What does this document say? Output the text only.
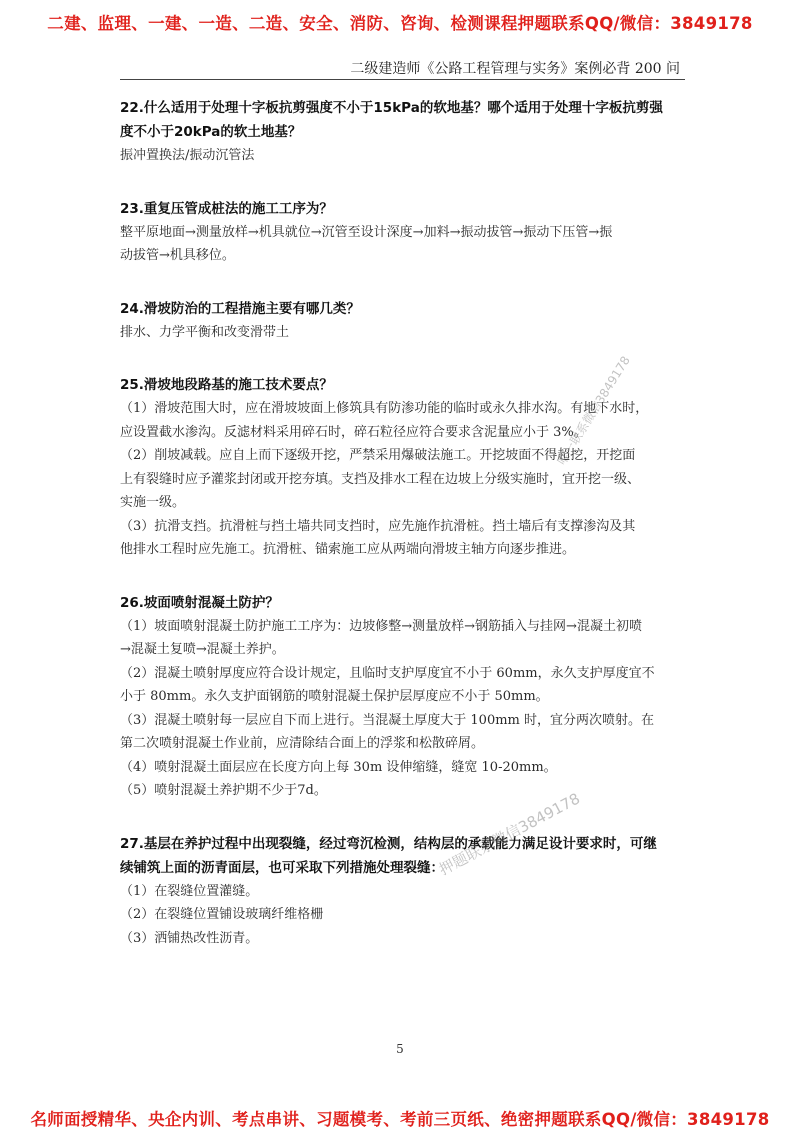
二建、监理、一建、一造、二造、安全、消防、咨询、检测课程押题联系QQ/微信：3849178
二级建造师《公路工程管理与实务》案例必背 200 问
22.什么适用于处理十字板抗剪强度不小于15kPa的软地基？哪个适用于处理十字板抗剪强
度不小于20kPa的软土地基？
振冲置换法/振动沉管法
23.重复压管成桩法的施工工序为？
整平原地面→测量放样→机具就位→沉管至设计深度→加料→振动拔管→振动下压管→振
动拔管→机具移位。
24.滑坡防治的工程措施主要有哪几类？
排水、力学平衡和改变滑带土
25.滑坡地段路基的施工技术要点？
（1）滑坡范围大时，应在滑坡坡面上修筑具有防渗功能的临时或永久排水沟。有地下水时，
应设置截水渗沟。反滤材料采用碎石时，碎石粒径应符合要求含泥量应小于 3%。
（2）削坡减载。应自上而下逐级开挖，严禁采用爆破法施工。开挖坡面不得超挖，开挖面
上有裂缝时应予灌浆封闭或开挖夯填。支挡及排水工程在边坡上分级实施时，宜开挖一级、
实施一级。
（3）抗滑支挡。抗滑桩与挡土墙共同支挡时，应先施作抗滑桩。挡土墙后有支撑渗沟及其
他排水工程时应先施工。抗滑桩、锚索施工应从两端向滑坡主轴方向逐步推进。
26.坡面喷射混凝土防护？
（1）坡面喷射混凝土防护施工工序为：边坡修整→测量放样→钢筋插入与挂网→混凝土初喷
→混凝土复喷→混凝土养护。
（2）混凝土喷射厚度应符合设计规定，且临时支护厚度宜不小于 60mm，永久支护厚度宜不
小于 80mm。永久支护面钢筋的喷射混凝土保护层厚度应不小于 50mm。
（3）混凝土喷射每一层应自下而上进行。当混凝土厚度大于 100mm 时，宜分两次喷射。在
第二次喷射混凝土作业前，应清除结合面上的浮浆和松散碎屑。
（4）喷射混凝土面层应在长度方向上每 30m 设伸缩缝，缝宽 10-20mm。
（5）喷射混凝土养护期不少于7d。
27.基层在养护过程中出现裂缝，经过弯沉检测，结构层的承载能力满足设计要求时，可继
续铺筑上面的沥青面层，也可采取下列措施处理裂缝：
（1）在裂缝位置灌缝。
（2）在裂缝位置铺设玻璃纤维格栅
（3）洒铺热改性沥青。
唯一联系微信3849178
押题联系微信3849178
5
名师面授精华、央企内训、考点串讲、习题模考、考前三页纸、绝密押题联系QQ/微信：3849178
